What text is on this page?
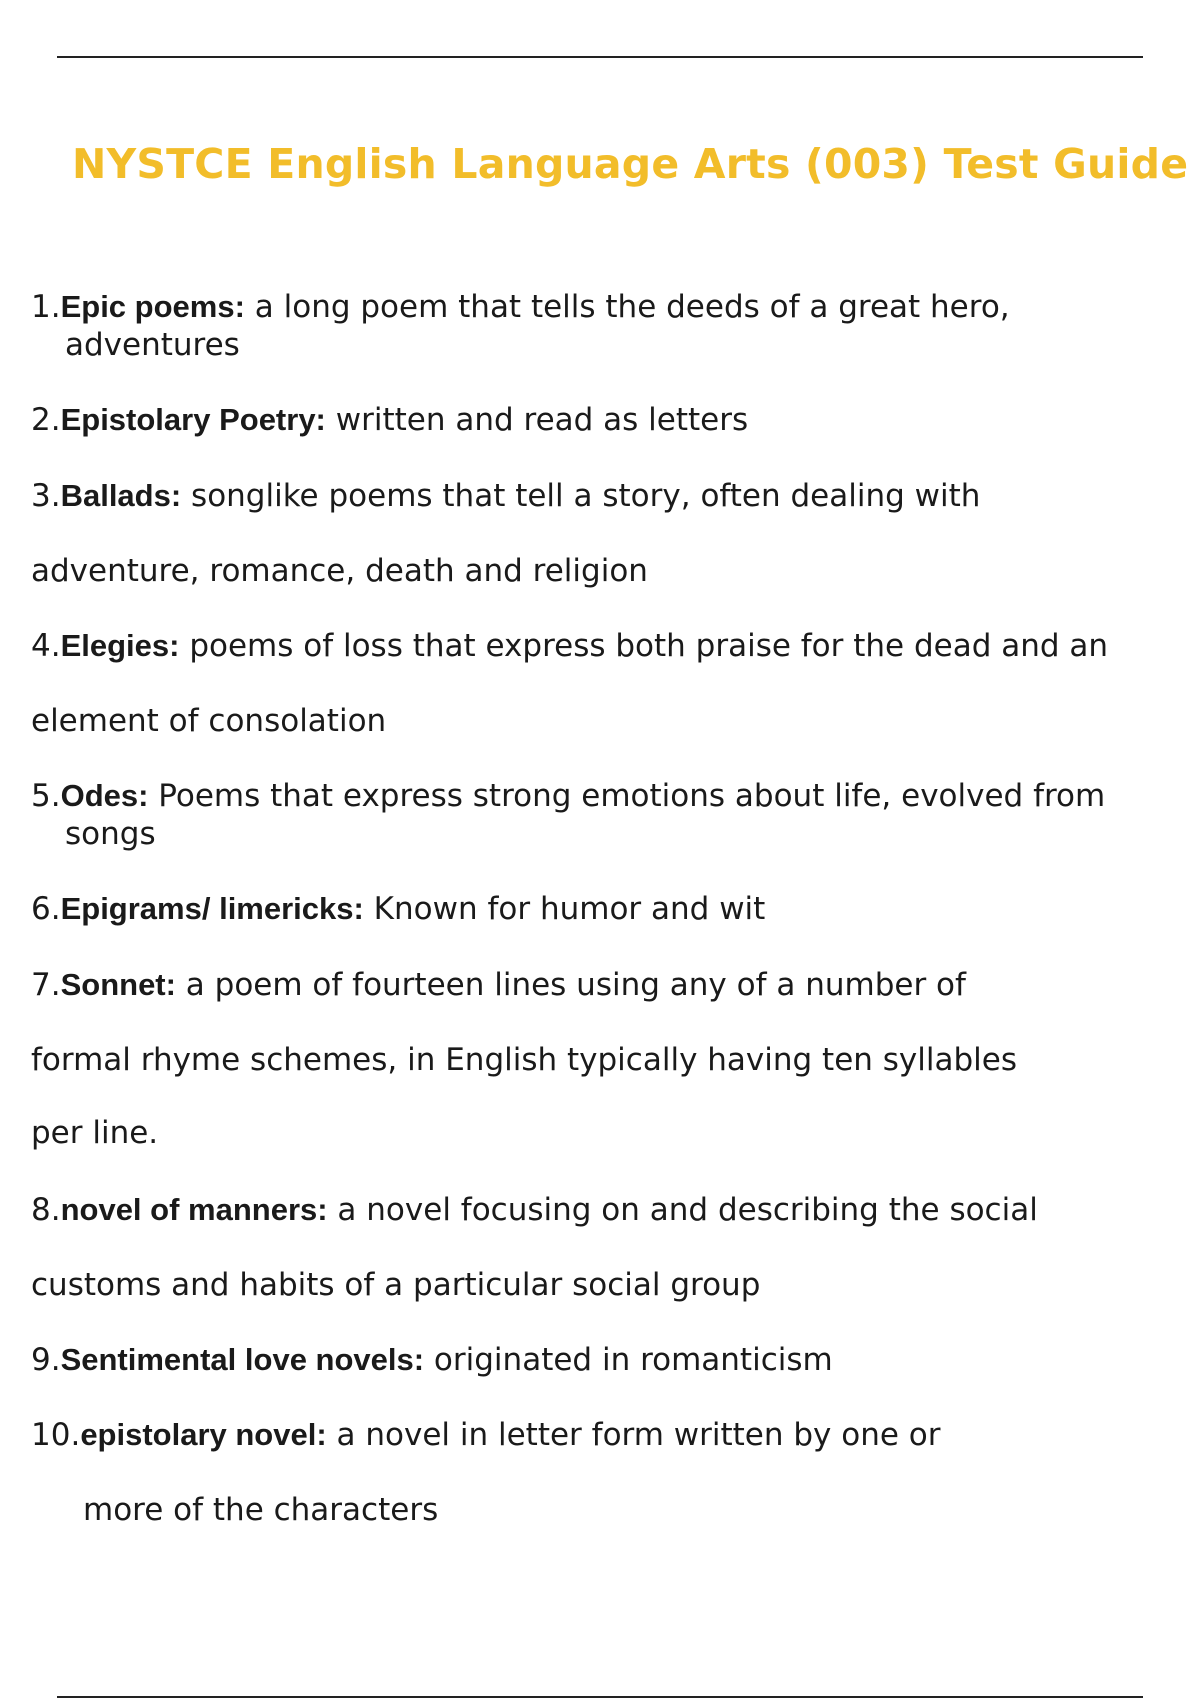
NYSTCE English Language Arts (003) Test Guide
1.Epic poems: a long poem that tells the deeds of a great hero,
adventures
2.Epistolary Poetry: written and read as letters
3.Ballads: songlike poems that tell a story, often dealing with
adventure, romance, death and religion
4.Elegies: poems of loss that express both praise for the dead and an
element of consolation
5.Odes: Poems that express strong emotions about life, evolved from
songs
6.Epigrams/ limericks: Known for humor and wit
7.Sonnet: a poem of fourteen lines using any of a number of
formal rhyme schemes, in English typically having ten syllables
per line.
8.novel of manners: a novel focusing on and describing the social
customs and habits of a particular social group
9.Sentimental love novels: originated in romanticism
10.epistolary novel: a novel in letter form written by one or
more of the characters
